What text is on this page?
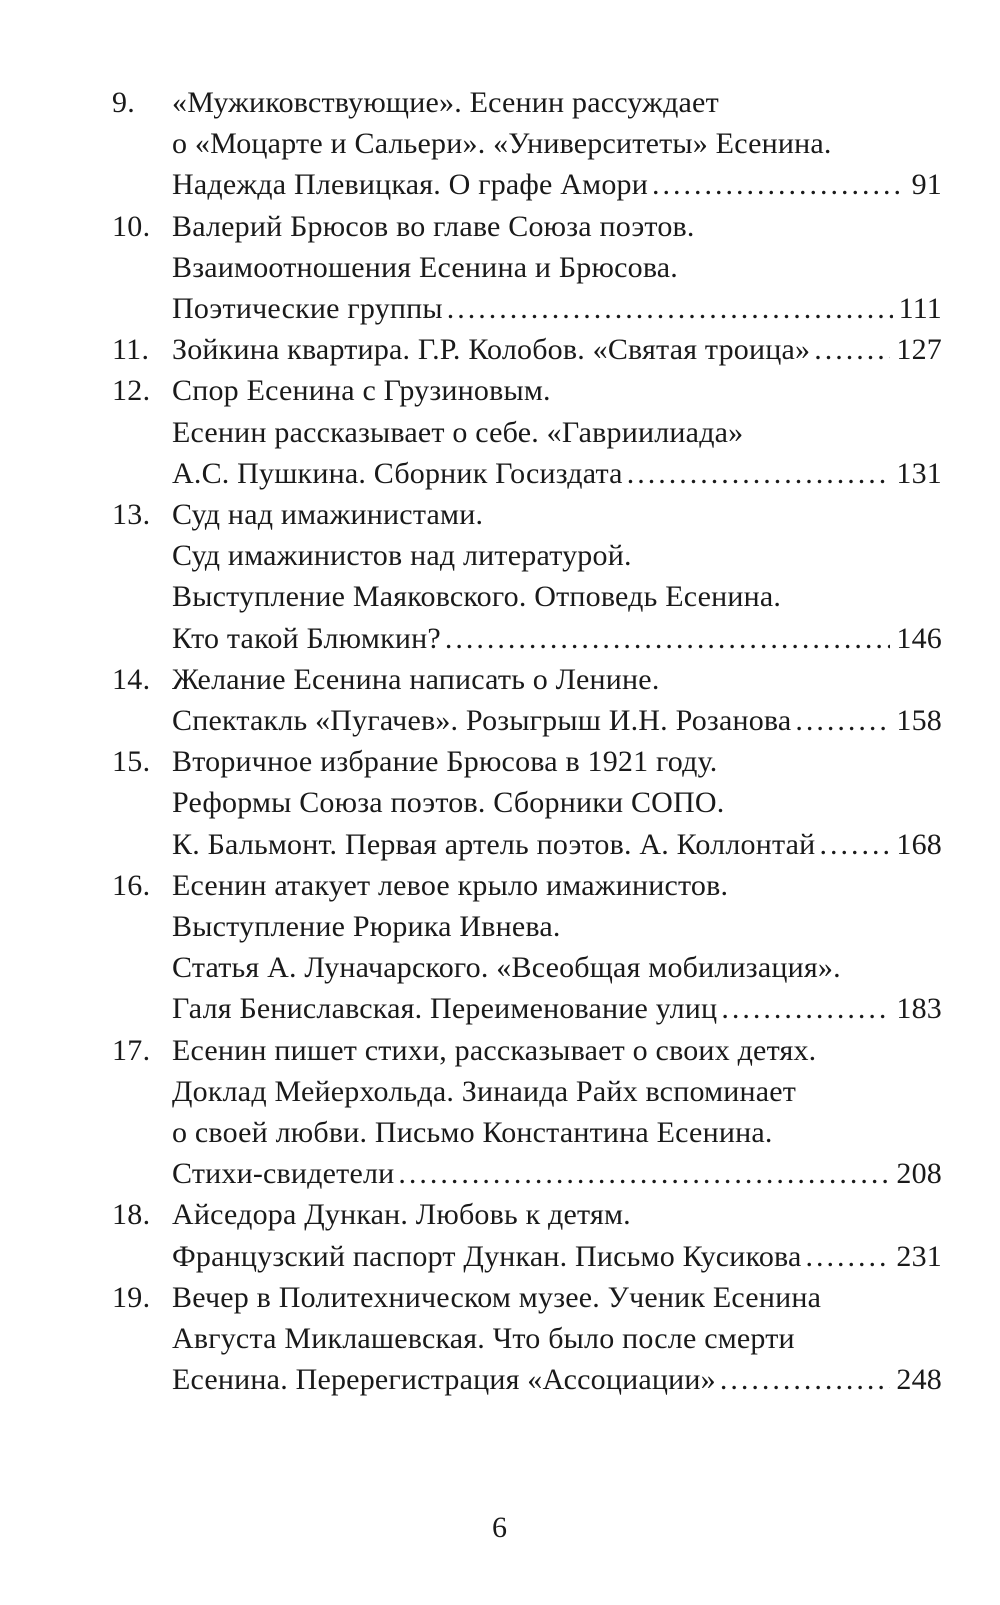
9.	«Мужиковствующие». Есенин рассуждает
о «Моцарте и Сальери». «Университеты» Есенина.
Надежда Плевицкая. О графе Амори .....	91
10. Валерий Брюсов во главе Союза поэтов.
Взаимоотношения Есенина и Брюсова.
Поэтические группы .....	111
11. Зойкина квартира. Г.Р. Колобов. «Святая троица» .....	127
12. Спор Есенина с Грузиновым.
Есенин рассказывает о себе. «Гавриилиада»
А.С. Пушкина. Сборник Госиздата .....	131
13. Суд над имажинистами.
Суд имажинистов над литературой.
Выступление Маяковского. Отповедь Есенина.
Кто такой Блюмкин? .....	146
14. Желание Есенина написать о Ленине.
Спектакль «Пугачев». Розыгрыш И.Н. Розанова .....	158
15. Вторичное избрание Брюсова в 1921 году.
Реформы Союза поэтов. Сборники СОПО.
К. Бальмонт. Первая артель поэтов. А. Коллонтай .....	168
16. Есенин атакует левое крыло имажинистов.
Выступление Рюрика Ивнева.
Статья А. Луначарского. «Всеобщая мобилизация».
Галя Бениславская. Переименование улиц .....	183
17. Есенин пишет стихи, рассказывает о своих детях.
Доклад Мейерхольда. Зинаида Райх вспоминает
о своей любви. Письмо Константина Есенина.
Стихи-свидетели .....	208
18. Айседора Дункан. Любовь к детям.
Французский паспорт Дункан. Письмо Кусикова .....	231
19. Вечер в Политехническом музее. Ученик Есенина
Августа Миклашевская. Что было после смерти
Есенина. Перерегистрация «Ассоциации» .....	248
6
